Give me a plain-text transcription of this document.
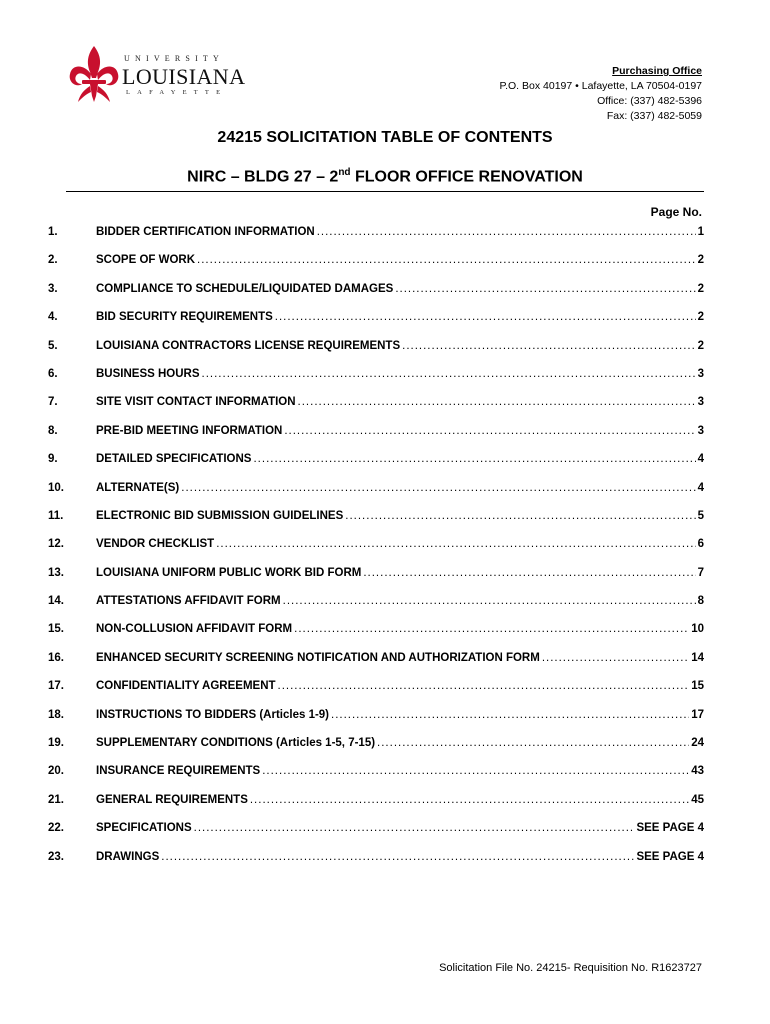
UNIVERSITY
LOUISIANA
LAFAYETTE
Purchasing Office
P.O. Box 40197 • Lafayette, LA 70504-0197
Office: (337) 482-5396
Fax: (337) 482-5059
24215 SOLICITATION TABLE OF CONTENTS
NIRC – BLDG 27 – 2nd FLOOR OFFICE RENOVATION
Page No.
1.	BIDDER CERTIFICATION INFORMATION .....	1
2.	SCOPE OF WORK .....	2
3.	COMPLIANCE TO SCHEDULE/LIQUIDATED DAMAGES .....	2
4.	BID SECURITY REQUIREMENTS .....	2
5.	LOUISIANA CONTRACTORS LICENSE REQUIREMENTS .....	2
6.	BUSINESS HOURS .....	3
7.	SITE VISIT CONTACT INFORMATION .....	3
8.	PRE-BID MEETING INFORMATION .....	3
9.	DETAILED SPECIFICATIONS .....	4
10.	ALTERNATE(S) .....	4
11.	ELECTRONIC BID SUBMISSION GUIDELINES .....	5
12.	VENDOR CHECKLIST .....	6
13.	LOUISIANA UNIFORM PUBLIC WORK BID FORM .....	7
14.	ATTESTATIONS AFFIDAVIT FORM .....	8
15.	NON-COLLUSION AFFIDAVIT FORM .....	10
16.	ENHANCED SECURITY SCREENING NOTIFICATION AND AUTHORIZATION FORM .....	14
17.	CONFIDENTIALITY AGREEMENT .....	15
18.	INSTRUCTIONS TO BIDDERS (Articles 1-9) .....	17
19.	SUPPLEMENTARY CONDITIONS (Articles 1-5, 7-15) .....	24
20.	INSURANCE REQUIREMENTS .....	43
21.	GENERAL REQUIREMENTS .....	45
22.	SPECIFICATIONS .....	SEE PAGE 4
23.	DRAWINGS .....	SEE PAGE 4
Solicitation File No. 24215- Requisition No. R1623727
